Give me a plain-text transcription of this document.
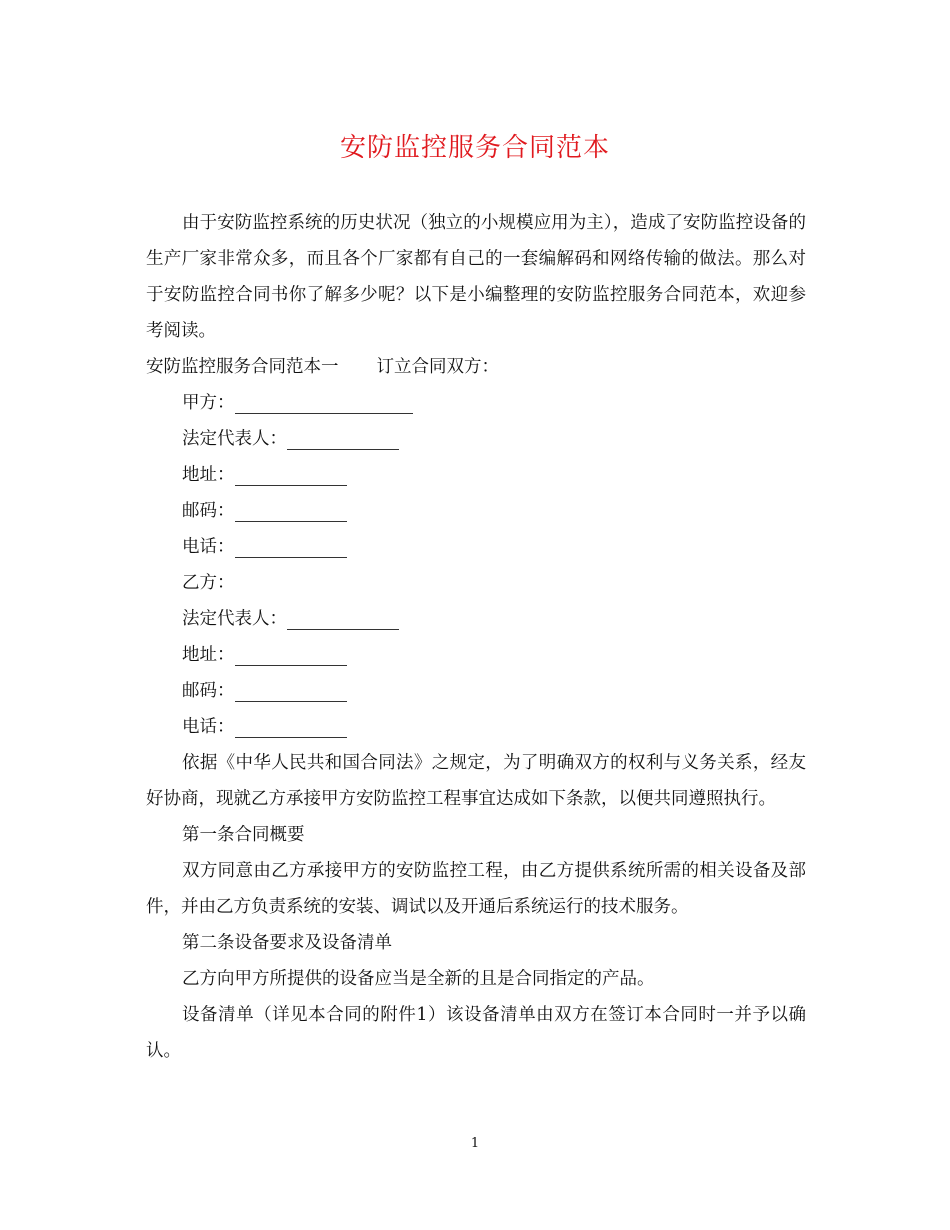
安防监控服务合同范本

由于安防监控系统的历史状况（独立的小规模应用为主），造成了安防监控设备的生产厂家非常众多，而且各个厂家都有自己的一套编解码和网络传输的做法。那么对于安防监控合同书你了解多少呢？以下是小编整理的安防监控服务合同范本，欢迎参考阅读。

安防监控服务合同范本一 订立合同双方：

甲方：

法定代表人：

地址：

邮码：

电话：

乙方：

法定代表人：

地址：

邮码：

电话：

依据《中华人民共和国合同法》之规定，为了明确双方的权利与义务关系，经友好协商，现就乙方承接甲方安防监控工程事宜达成如下条款，以便共同遵照执行。

第一条合同概要

双方同意由乙方承接甲方的安防监控工程，由乙方提供系统所需的相关设备及部件，并由乙方负责系统的安装、调试以及开通后系统运行的技术服务。

第二条设备要求及设备清单

乙方向甲方所提供的设备应当是全新的且是合同指定的产品。

设备清单（详见本合同的附件1）该设备清单由双方在签订本合同时一并予以确认。

1
